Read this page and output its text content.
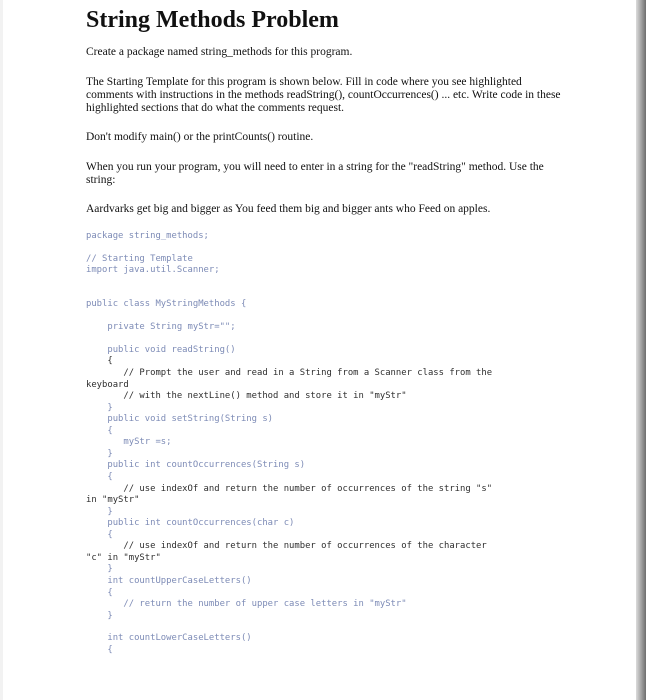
String Methods Problem

Create a package named string_methods for this program.

The Starting Template for this program is shown below. Fill in code where you see highlighted comments with instructions in the methods readString(), countOccurrences() ... etc. Write code in these highlighted sections that do what the comments request.

Don't modify main() or the printCounts() routine.

When you run your program, you will need to enter in a string for the "readString" method. Use the string:

Aardvarks get big and bigger as You feed them big and bigger ants who Feed on apples.

package string_methods;
// Starting Template
import java.util.Scanner;
public class MyStringMethods {
private String myStr="";
public void readString()
{
// Prompt the user and read in a String from a Scanner class from the
keyboard
// with the nextLine() method and store it in "myStr"
}
public void setString(String s)
{
myStr =s;
}
public int countOccurrences(String s)
{
// use indexOf and return the number of occurrences of the string "s"
in "myStr"
}
public int countOccurrences(char c)
{
// use indexOf and return the number of occurrences of the character
"c" in "myStr"
}
int countUpperCaseLetters()
{
// return the number of upper case letters in "myStr"
}
int countLowerCaseLetters()
{
